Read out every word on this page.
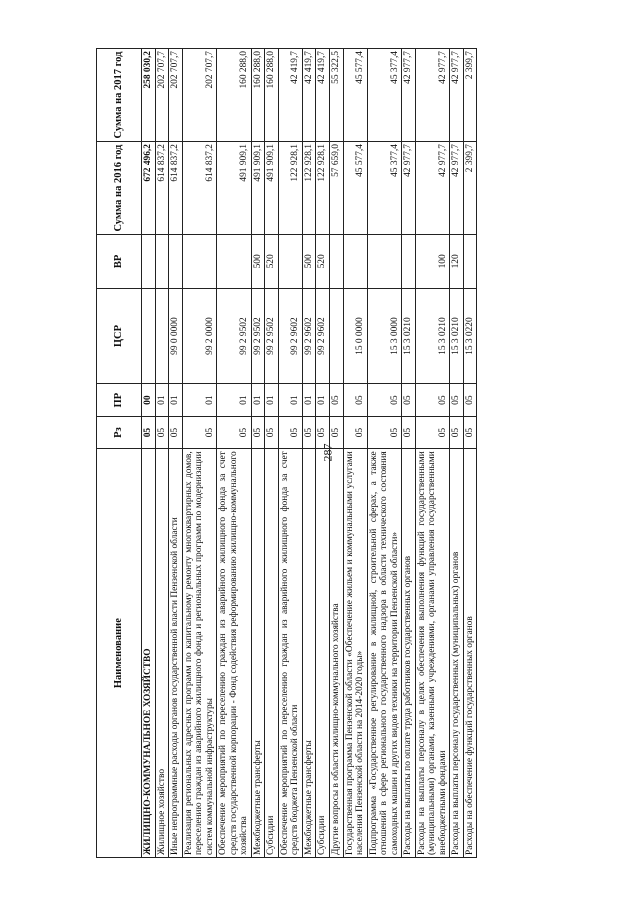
287
Наименование	Рз	ПР	ЦСР	ВР	Сумма на 2016 год	Сумма на 2017 год
ЖИЛИЩНО-КОММУНАЛЬНОЕ ХОЗЯЙСТВО	05	00			672 496,2	258 030,2
Жилищное хозяйство	05	01			614 837,2	202 707,7
Иные непрограммные расходы органов государственной власти Пензенской области	05	01	99 0 0000		614 837,2	202 707,7
Реализация региональных адресных программ по капитальному ремонту многоквартирных домов, переселению граждан из аварийного жилищного фонда и региональных программ по модернизации систем коммунальной инфраструктуры	05	01	99 2 0000		614 837,2	202 707,7
Обеспечение мероприятий по переселению граждан из аварийного жилищного фонда за счет средств государственной корпорации - Фонд содействия реформированию жилищно-коммунального хозяйства	05	01	99 2 9502		491 909,1	160 288,0
Межбюджетные трансферты	05	01	99 2 9502	500	491 909,1	160 288,0
Субсидии	05	01	99 2 9502	520	491 909,1	160 288,0
Обеспечение мероприятий по переселению граждан из аварийного жилищного фонда за счет средств бюджета Пензенской области	05	01	99 2 9602		122 928,1	42 419,7
Межбюджетные трансферты	05	01	99 2 9602	500	122 928,1	42 419,7
Субсидии	05	01	99 2 9602	520	122 928,1	42 419,7
Другие вопросы в области жилищно-коммунального хозяйства	05	05			57 659,0	55 322,5
Государственная программа Пензенской области «Обеспечение жильем и коммунальными услугами населения Пензенской области на 2014-2020 годы»	05	05	15 0 0000		45 577,4	45 577,4
Подпрограмма «Государственное регулирование в жилищной, строительной сферах, а также отношений в сфере регионального государственного надзора в области технического состояния самоходных машин и других видов техники на территории Пензенской области»	05	05	15 3 0000		45 377,4	45 377,4
Расходы на выплаты по оплате труда работников государственных органов	05	05	15 3 0210		42 977,7	42 977,7
Расходы на выплаты персоналу в целях обеспечения выполнения функций государственными (муниципальными) органами, казенными учреждениями, органами управления государственными внебюджетными фондами	05	05	15 3 0210	100	42 977,7	42 977,7
Расходы на выплаты персоналу государственных (муниципальных) органов	05	05	15 3 0210	120	42 977,7	42 977,7
Расходы на обеспечение функций государственных органов	05	05	15 3 0220		2 399,7	2 399,7
